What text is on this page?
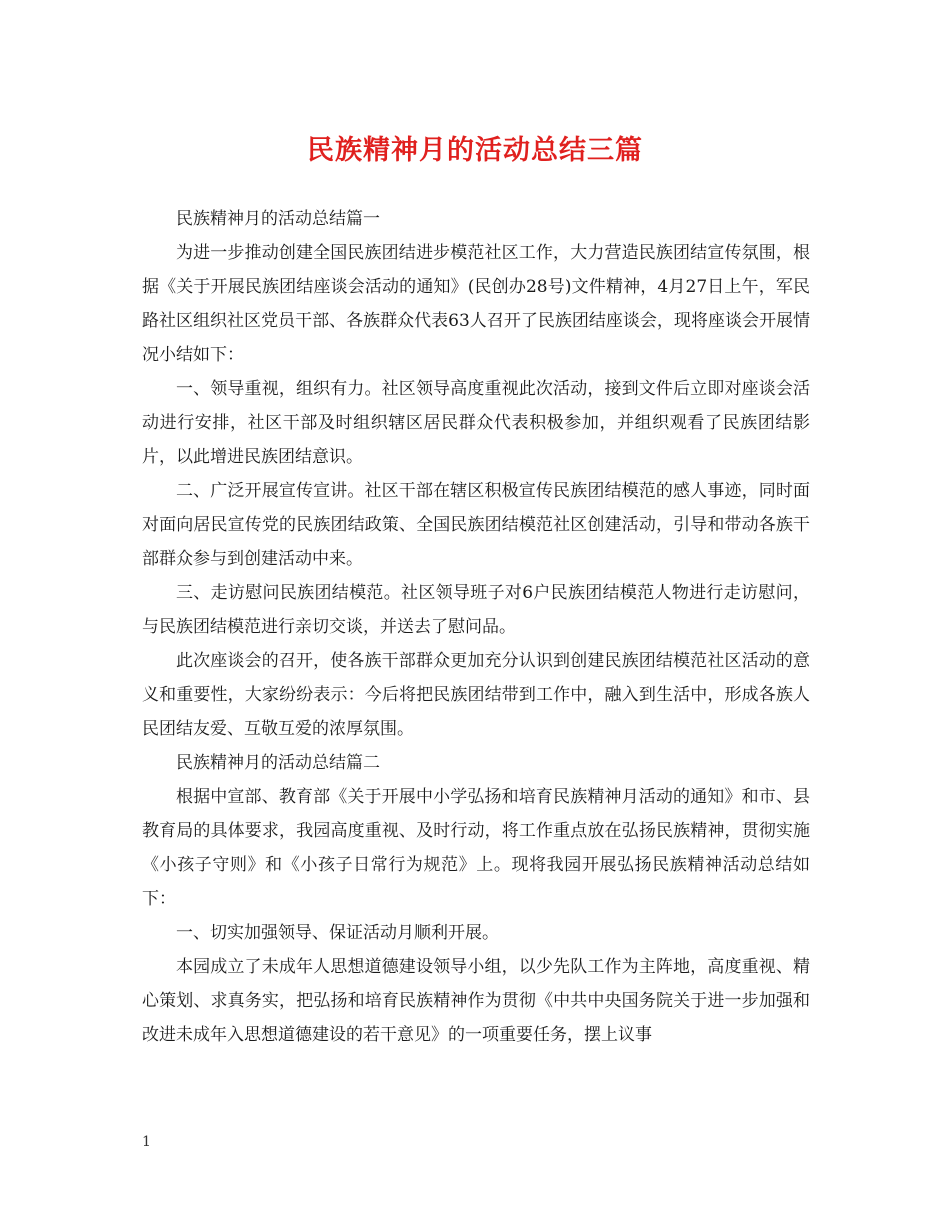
民族精神月的活动总结三篇

民族精神月的活动总结篇一

为进一步推动创建全国民族团结进步模范社区工作，大力营造民族团结宣传氛围，根据《关于开展民族团结座谈会活动的通知》(民创办28号)文件精神，4月27日上午，军民路社区组织社区党员干部、各族群众代表63人召开了民族团结座谈会，现将座谈会开展情况小结如下：

一、领导重视，组织有力。社区领导高度重视此次活动，接到文件后立即对座谈会活动进行安排，社区干部及时组织辖区居民群众代表积极参加，并组织观看了民族团结影片，以此增进民族团结意识。

二、广泛开展宣传宣讲。社区干部在辖区积极宣传民族团结模范的感人事迹，同时面对面向居民宣传党的民族团结政策、全国民族团结模范社区创建活动，引导和带动各族干部群众参与到创建活动中来。

三、走访慰问民族团结模范。社区领导班子对6户民族团结模范人物进行走访慰问，与民族团结模范进行亲切交谈，并送去了慰问品。

此次座谈会的召开，使各族干部群众更加充分认识到创建民族团结模范社区活动的意义和重要性，大家纷纷表示：今后将把民族团结带到工作中，融入到生活中，形成各族人民团结友爱、互敬互爱的浓厚氛围。

民族精神月的活动总结篇二

根据中宣部、教育部《关于开展中小学弘扬和培育民族精神月活动的通知》和市、县教育局的具体要求，我园高度重视、及时行动，将工作重点放在弘扬民族精神，贯彻实施《小孩子守则》和《小孩子日常行为规范》上。现将我园开展弘扬民族精神活动总结如下：

一、切实加强领导、保证活动月顺利开展。

本园成立了未成年人思想道德建设领导小组，以少先队工作为主阵地，高度重视、精心策划、求真务实，把弘扬和培育民族精神作为贯彻《中共中央国务院关于进一步加强和改进未成年入思想道德建设的若干意见》的一项重要任务，摆上议事

1
